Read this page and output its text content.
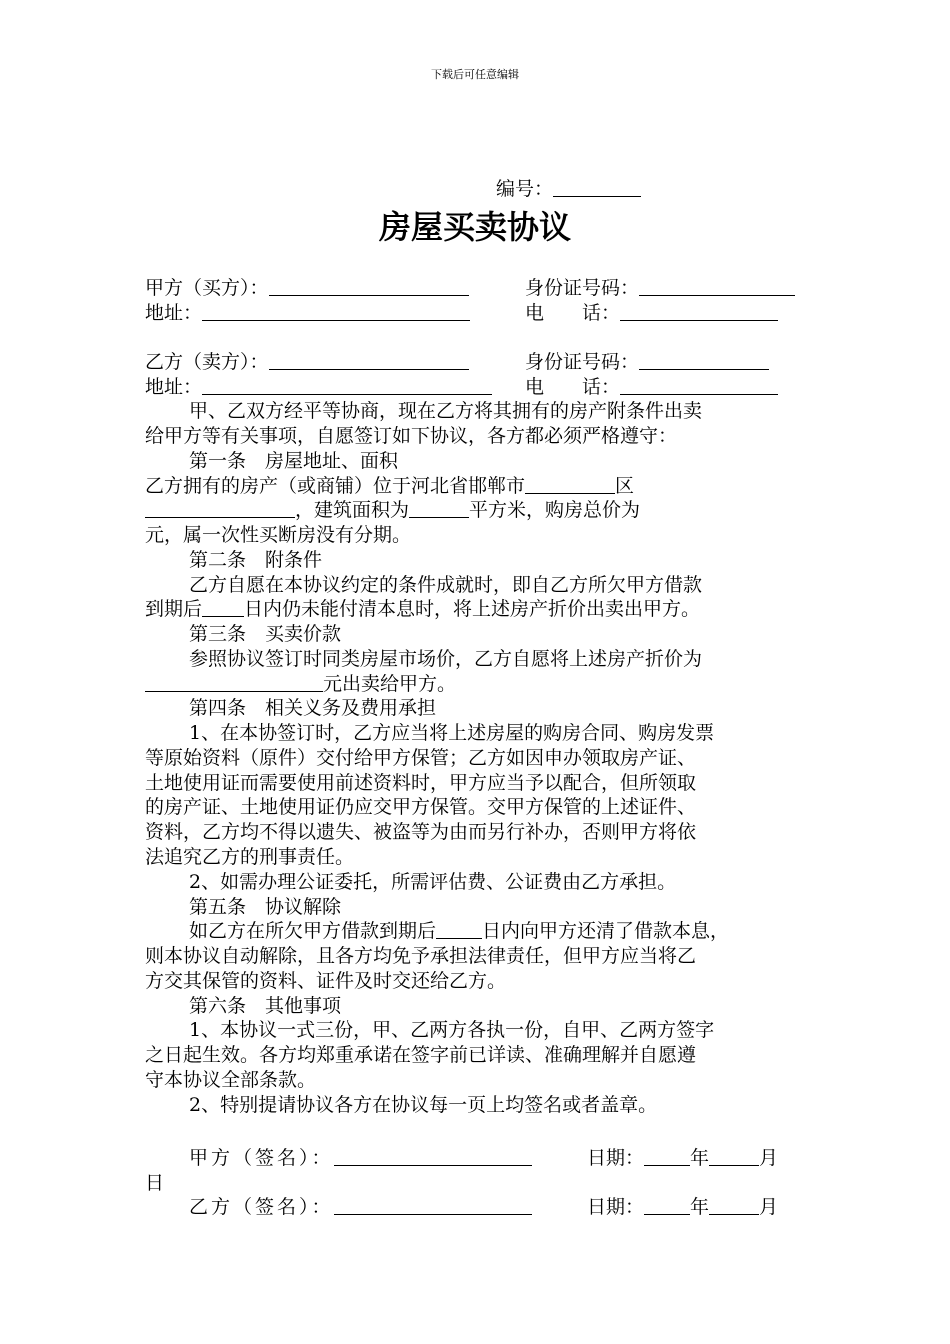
下载后可任意编辑
编号：
房屋买卖协议
甲方（买方）：	身份证号码：
地址：	电　　话：
乙方（卖方）：	身份证号码：
地址：	电　　话：
甲、乙双方经平等协商，现在乙方将其拥有的房产附条件出卖
给甲方等有关事项，自愿签订如下协议，各方都必须严格遵守：
第一条　房屋地址、面积
乙方拥有的房产（或商铺）位于河北省邯郸市	区
，建筑面积为	平方米，购房总价为
元，属一次性买断房没有分期。
第二条　附条件
乙方自愿在本协议约定的条件成就时，即自乙方所欠甲方借款
到期后 日内仍未能付清本息时，将上述房产折价出卖出甲方。
第三条　买卖价款
参照协议签订时同类房屋市场价，乙方自愿将上述房产折价为
元出卖给甲方。
第四条　相关义务及费用承担
1、在本协签订时，乙方应当将上述房屋的购房合同、购房发票
等原始资料（原件）交付给甲方保管；乙方如因申办领取房产证、
土地使用证而需要使用前述资料时，甲方应当予以配合，但所领取
的房产证、土地使用证仍应交甲方保管。交甲方保管的上述证件、
资料，乙方均不得以遗失、被盗等为由而另行补办，否则甲方将依
法追究乙方的刑事责任。
2、如需办理公证委托，所需评估费、公证费由乙方承担。
第五条　协议解除
如乙方在所欠甲方借款到期后 日内向甲方还清了借款本息，
则本协议自动解除，且各方均免予承担法律责任，但甲方应当将乙
方交其保管的资料、证件及时交还给乙方。
第六条　其他事项
1、本协议一式三份，甲、乙两方各执一份，自甲、乙两方签字
之日起生效。各方均郑重承诺在签字前已详读、准确理解并自愿遵
守本协议全部条款。
2、特别提请协议各方在协议每一页上均签名或者盖章。
甲方（签名）：	日期： 年	月
日
乙方（签名）：	日期： 年	月
